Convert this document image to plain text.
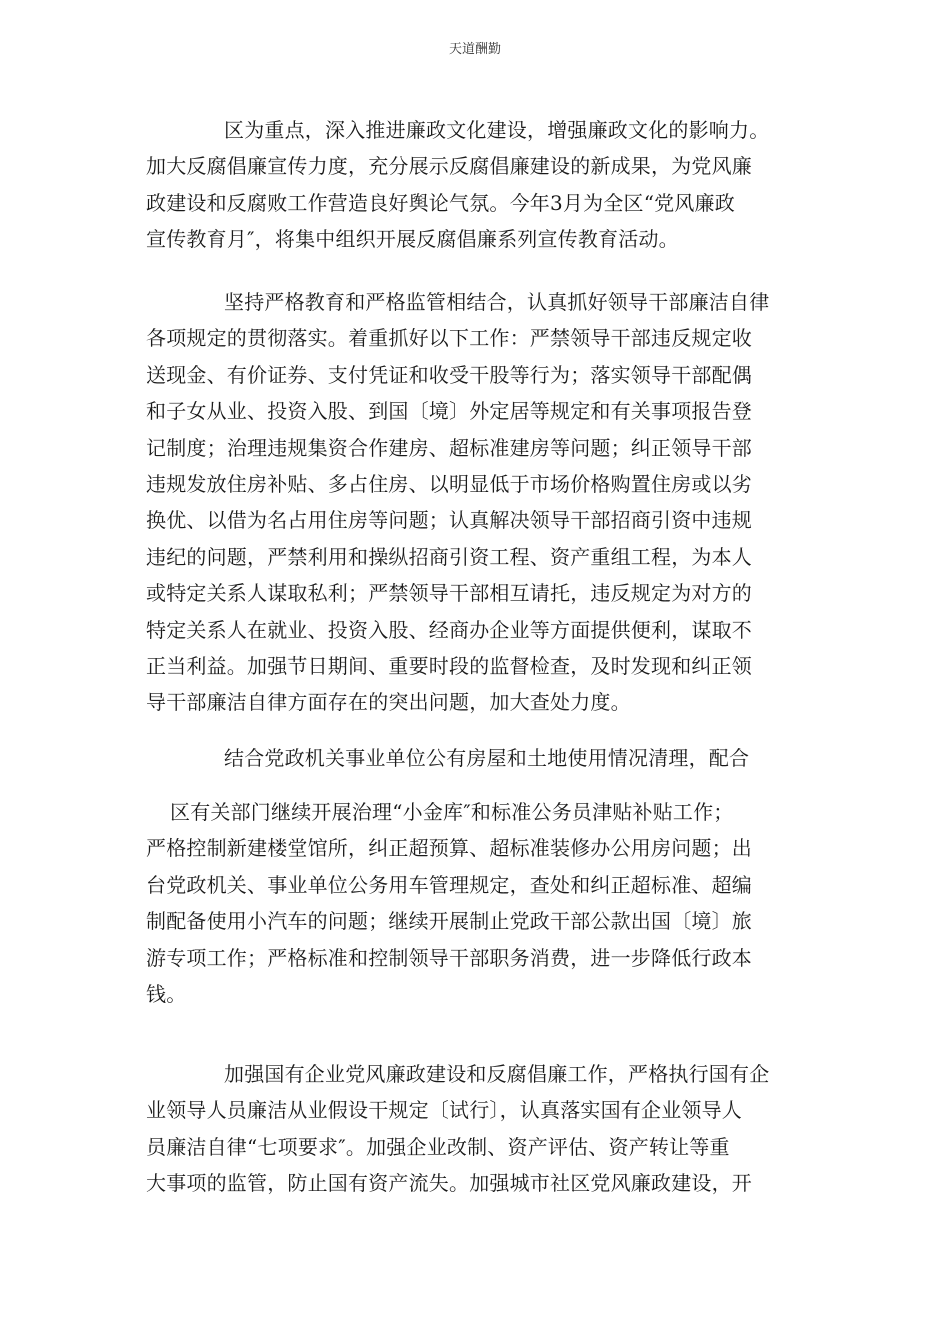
天道酬勤
区为重点，深入推进廉政文化建设，增强廉政文化的影响力。
加大反腐倡廉宣传力度，充分展示反腐倡廉建设的新成果，为党风廉
政建设和反腐败工作营造良好舆论气氛。今年3月为全区“党风廉政
宣传教育月″，将集中组织开展反腐倡廉系列宣传教育活动。
坚持严格教育和严格监管相结合，认真抓好领导干部廉洁自律
各项规定的贯彻落实。着重抓好以下工作：严禁领导干部违反规定收
送现金、有价证券、支付凭证和收受干股等行为；落实领导干部配偶
和子女从业、投资入股、到国〔境〕外定居等规定和有关事项报告登
记制度；治理违规集资合作建房、超标准建房等问题；纠正领导干部
违规发放住房补贴、多占住房、以明显低于市场价格购置住房或以劣
换优、以借为名占用住房等问题；认真解决领导干部招商引资中违规
违纪的问题，严禁利用和操纵招商引资工程、资产重组工程，为本人
或特定关系人谋取私利；严禁领导干部相互请托，违反规定为对方的
特定关系人在就业、投资入股、经商办企业等方面提供便利，谋取不
正当利益。加强节日期间、重要时段的监督检查，及时发现和纠正领
导干部廉洁自律方面存在的突出问题，加大查处力度。
结合党政机关事业单位公有房屋和土地使用情况清理，配合
区有关部门继续开展治理“小金库″和标准公务员津贴补贴工作；
严格控制新建楼堂馆所，纠正超预算、超标准装修办公用房问题；出
台党政机关、事业单位公务用车管理规定，查处和纠正超标准、超编
制配备使用小汽车的问题；继续开展制止党政干部公款出国〔境〕旅
游专项工作；严格标准和控制领导干部职务消费，进一步降低行政本
钱。
加强国有企业党风廉政建设和反腐倡廉工作，严格执行国有企
业领导人员廉洁从业假设干规定〔试行〕，认真落实国有企业领导人
员廉洁自律“七项要求″。加强企业改制、资产评估、资产转让等重
大事项的监管，防止国有资产流失。加强城市社区党风廉政建设，开
